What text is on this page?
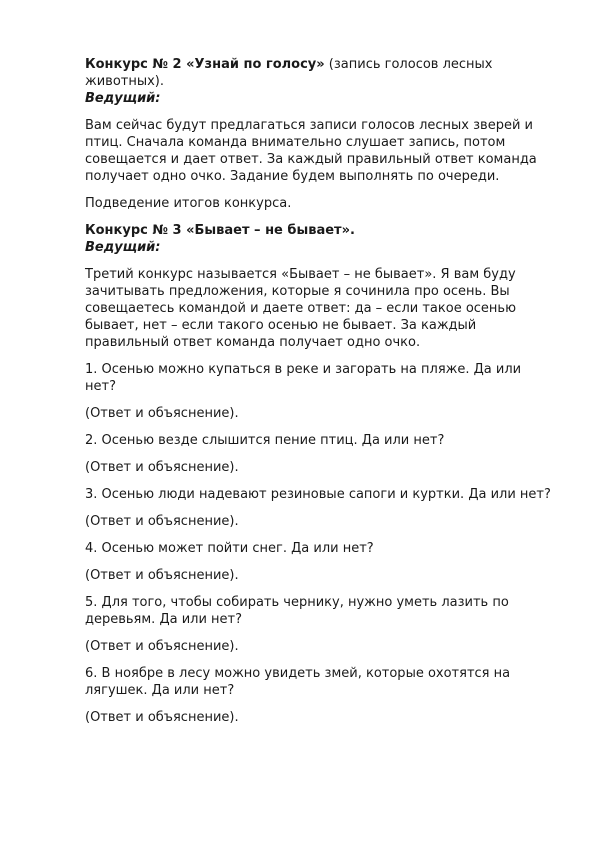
Конкурс № 2 «Узнай по голосу» (запись голосов лесных животных).

Ведущий:

Вам сейчас будут предлагаться записи голосов лесных зверей и птиц. Сначала команда внимательно слушает запись, потом совещается и дает ответ. За каждый правильный ответ команда получает одно очко. Задание будем выполнять по очереди.

Подведение итогов конкурса.

Конкурс № 3 «Бывает – не бывает».

Ведущий:

Третий конкурс называется «Бывает – не бывает». Я вам буду зачитывать предложения, которые я сочинила про осень. Вы совещаетесь командой и даете ответ: да – если такое осенью бывает, нет – если такого осенью не бывает. За каждый правильный ответ команда получает одно очко.

1. Осенью можно купаться в реке и загорать на пляже. Да или нет?

(Ответ и объяснение).

2. Осенью везде слышится пение птиц. Да или нет?

(Ответ и объяснение).

3. Осенью люди надевают резиновые сапоги и куртки. Да или нет?

(Ответ и объяснение).

4. Осенью может пойти снег. Да или нет?

(Ответ и объяснение).

5. Для того, чтобы собирать чернику, нужно уметь лазить по деревьям. Да или нет?

(Ответ и объяснение).

6. В ноябре в лесу можно увидеть змей, которые охотятся на лягушек. Да или нет?

(Ответ и объяснение).
